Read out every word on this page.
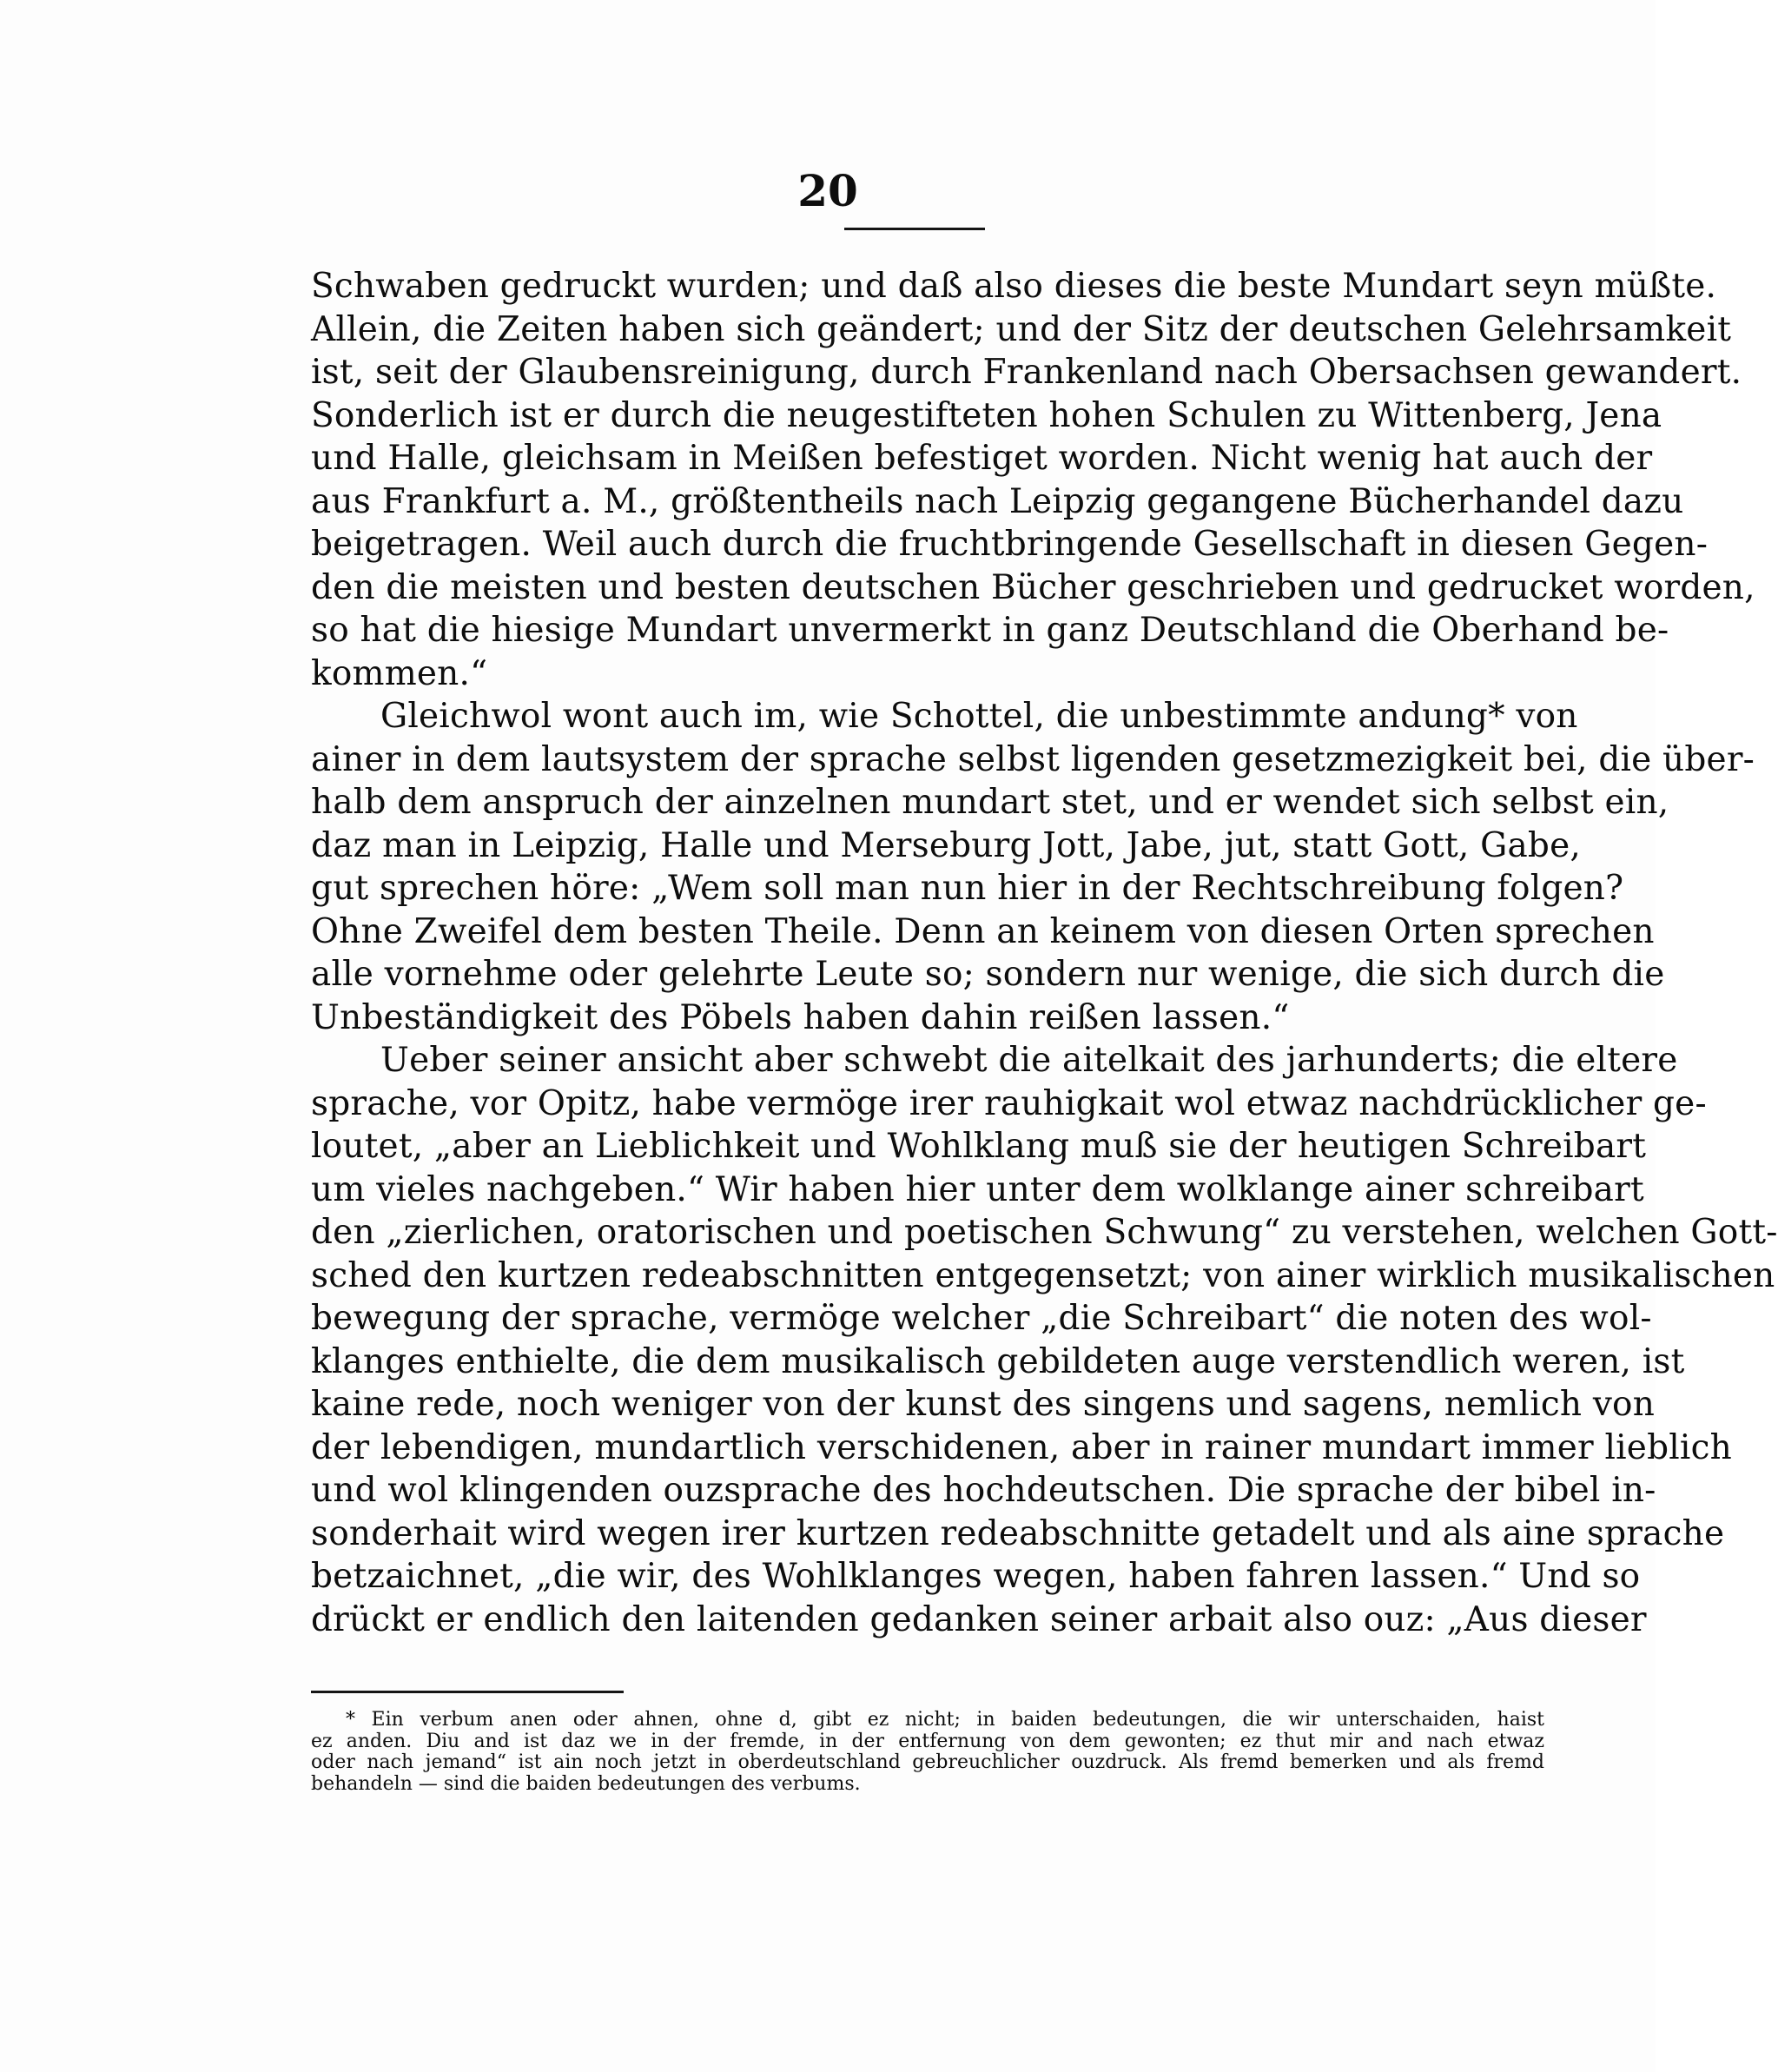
20
Schwaben gedruckt wurden; und daß also dieses die beste Mundart seyn müßte.
Allein, die Zeiten haben sich geändert; und der Sitz der deutschen Gelehrsamkeit
ist, seit der Glaubensreinigung, durch Frankenland nach Obersachsen gewandert.
Sonderlich ist er durch die neugestifteten hohen Schulen zu Wittenberg, Jena
und Halle, gleichsam in Meißen befestiget worden. Nicht wenig hat auch der
aus Frankfurt a. M., größtentheils nach Leipzig gegangene Bücherhandel dazu
beigetragen. Weil auch durch die fruchtbringende Gesellschaft in diesen Gegen-
den die meisten und besten deutschen Bücher geschrieben und gedrucket worden,
so hat die hiesige Mundart unvermerkt in ganz Deutschland die Oberhand be-
kommen.“
Gleichwol wont auch im, wie Schottel, die unbestimmte andung* von
ainer in dem lautsystem der sprache selbst ligenden gesetzmezigkeit bei, die über-
halb dem anspruch der ainzelnen mundart stet, und er wendet sich selbst ein,
daz man in Leipzig, Halle und Merseburg Jott, Jabe, jut, statt Gott, Gabe,
gut sprechen höre: „Wem soll man nun hier in der Rechtschreibung folgen?
Ohne Zweifel dem besten Theile. Denn an keinem von diesen Orten sprechen
alle vornehme oder gelehrte Leute so; sondern nur wenige, die sich durch die
Unbeständigkeit des Pöbels haben dahin reißen lassen.“
Ueber seiner ansicht aber schwebt die aitelkait des jarhunderts; die eltere
sprache, vor Opitz, habe vermöge irer rauhigkait wol etwaz nachdrücklicher ge-
loutet, „aber an Lieblichkeit und Wohlklang muß sie der heutigen Schreibart
um vieles nachgeben.“ Wir haben hier unter dem wolklange ainer schreibart
den „zierlichen, oratorischen und poetischen Schwung“ zu verstehen, welchen Gott-
sched den kurtzen redeabschnitten entgegensetzt; von ainer wirklich musikalischen
bewegung der sprache, vermöge welcher „die Schreibart“ die noten des wol-
klanges enthielte, die dem musikalisch gebildeten auge verstendlich weren, ist
kaine rede, noch weniger von der kunst des singens und sagens, nemlich von
der lebendigen, mundartlich verschidenen, aber in rainer mundart immer lieblich
und wol klingenden ouzsprache des hochdeutschen. Die sprache der bibel in-
sonderhait wird wegen irer kurtzen redeabschnitte getadelt und als aine sprache
betzaichnet, „die wir, des Wohlklanges wegen, haben fahren lassen.“ Und so
drückt er endlich den laitenden gedanken seiner arbait also ouz: „Aus dieser
* Ein verbum anen oder ahnen, ohne d, gibt ez nicht; in baiden bedeutungen, die wir unterschaiden, haist
ez anden. Diu and ist daz we in der fremde, in der entfernung von dem gewonten; ez thut mir and nach etwaz
oder nach jemand“ ist ain noch jetzt in oberdeutschland gebreuchlicher ouzdruck. Als fremd bemerken und als fremd
behandeln — sind die baiden bedeutungen des verbums.
